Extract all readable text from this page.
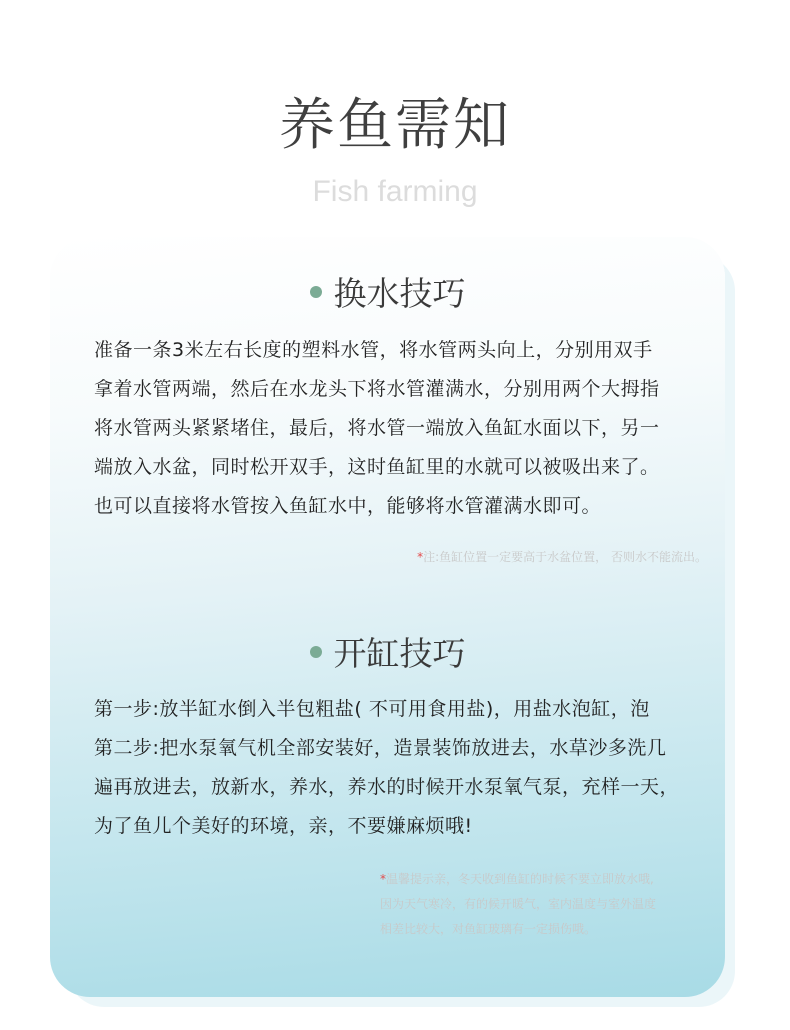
养鱼需知
Fish farming
换水技巧
准备一条3米左右长度的塑料水管，将水管两头向上，分别用双手
拿着水管两端，然后在水龙头下将水管灌满水，分别用两个大拇指
将水管两头紧紧堵住，最后，将水管一端放入鱼缸水面以下，另一
端放入水盆，同时松开双手，这时鱼缸里的水就可以被吸出来了。
也可以直接将水管按入鱼缸水中，能够将水管灌满水即可。
*注:鱼缸位置一定要高于水盆位置， 否则水不能流出。
开缸技巧
第一步:放半缸水倒入半包粗盐( 不可用食用盐)，用盐水泡缸，泡
第二步:把水泵氧气机全部安装好，造景装饰放进去，水草沙多洗几
遍再放进去，放新水，养水，养水的时候开水泵氧气泵，充样一天，
为了鱼儿个美好的环境，亲，不要嫌麻烦哦!
*温馨提示亲，冬天收到鱼缸的时候不要立即放水哦,
因为天气寒冷，有的候开暖气，室内温度与室外温度
相差比较大，对鱼缸玻璃有一定损伤哦。
